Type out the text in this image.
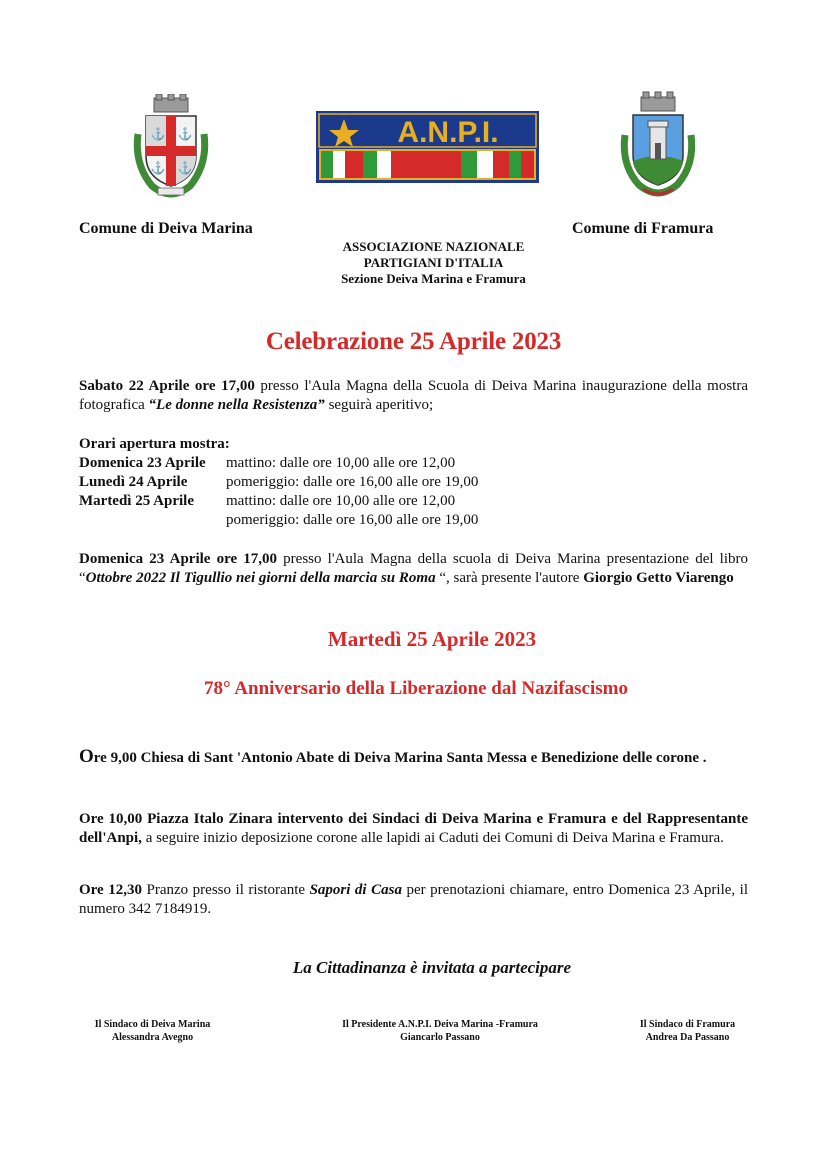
⚓ ⚓
⚓ ⚓
A.N.P.I.
Comune di Deiva Marina	Comune di Framura
ASSOCIAZIONE NAZIONALE
PARTIGIANI D'ITALIA
Sezione Deiva Marina e Framura
Celebrazione 25 Aprile 2023
Sabato 22 Aprile ore 17,00 presso l'Aula Magna della Scuola di Deiva Marina inaugurazione della mostra fotografica “Le donne nella Resistenza” seguirà aperitivo;
Orari apertura mostra:
Domenica 23 Aprile	mattino: dalle ore 10,00 alle ore 12,00
Lunedì 24 Aprile	pomeriggio: dalle ore 16,00 alle ore 19,00
Martedì 25 Aprile	mattino: dalle ore 10,00 alle ore 12,00
pomeriggio: dalle ore 16,00 alle ore 19,00
Domenica 23 Aprile ore 17,00 presso l'Aula Magna della scuola di Deiva Marina presentazione del libro “Ottobre 2022 Il Tigullio nei giorni della marcia su Roma “, sarà presente l'autore Giorgio Getto Viarengo
Martedì 25 Aprile 2023
78° Anniversario della Liberazione dal Nazifascismo
Ore 9,00 Chiesa di Sant 'Antonio Abate di Deiva Marina Santa Messa e Benedizione delle corone .
Ore 10,00 Piazza Italo Zinara intervento dei Sindaci di Deiva Marina e Framura e del Rappresentante dell'Anpi, a seguire inizio deposizione corone alle lapidi ai Caduti dei Comuni di Deiva Marina e Framura.
Ore 12,30 Pranzo presso il ristorante Sapori di Casa per prenotazioni chiamare, entro Domenica 23 Aprile, il numero 342 7184919.
La Cittadinanza è invitata a partecipare
Il Sindaco di Deiva Marina
Alessandra Avegno
Il Presidente A.N.P.I. Deiva Marina -Framura
Giancarlo Passano
Il Sindaco di Framura
Andrea Da Passano
